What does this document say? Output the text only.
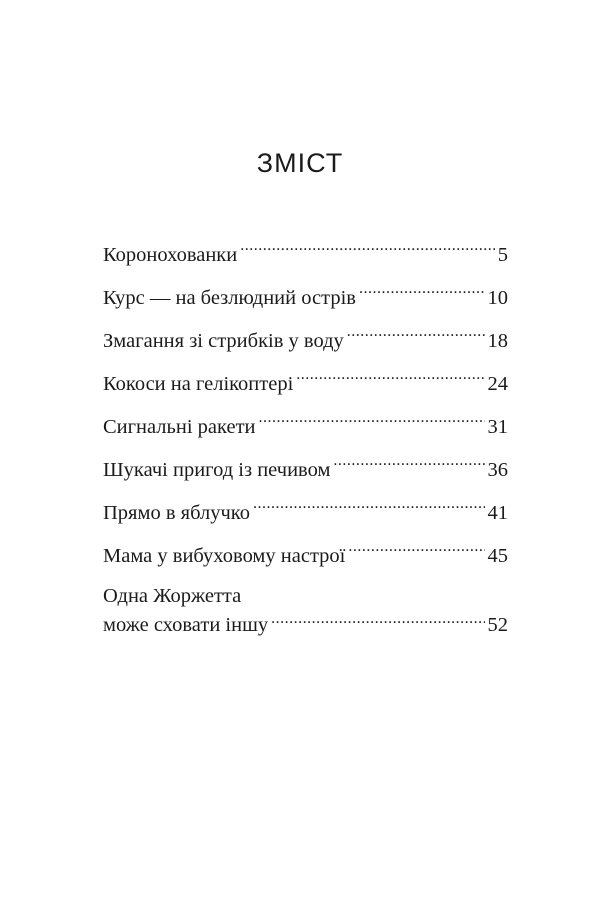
ЗМІСТ
Коронохованки .....	5
Курс — на безлюдний острів .....	10
Змагання зі стрибків у воду .....	18
Кокоси на гелікоптері .....	24
Сигнальні ракети .....	31
Шукачі пригод із печивом .....	36
Прямо в яблучко .....	41
Мама у вибуховому настрої .....	45
Одна Жоржетта
може сховати іншу .....	52
